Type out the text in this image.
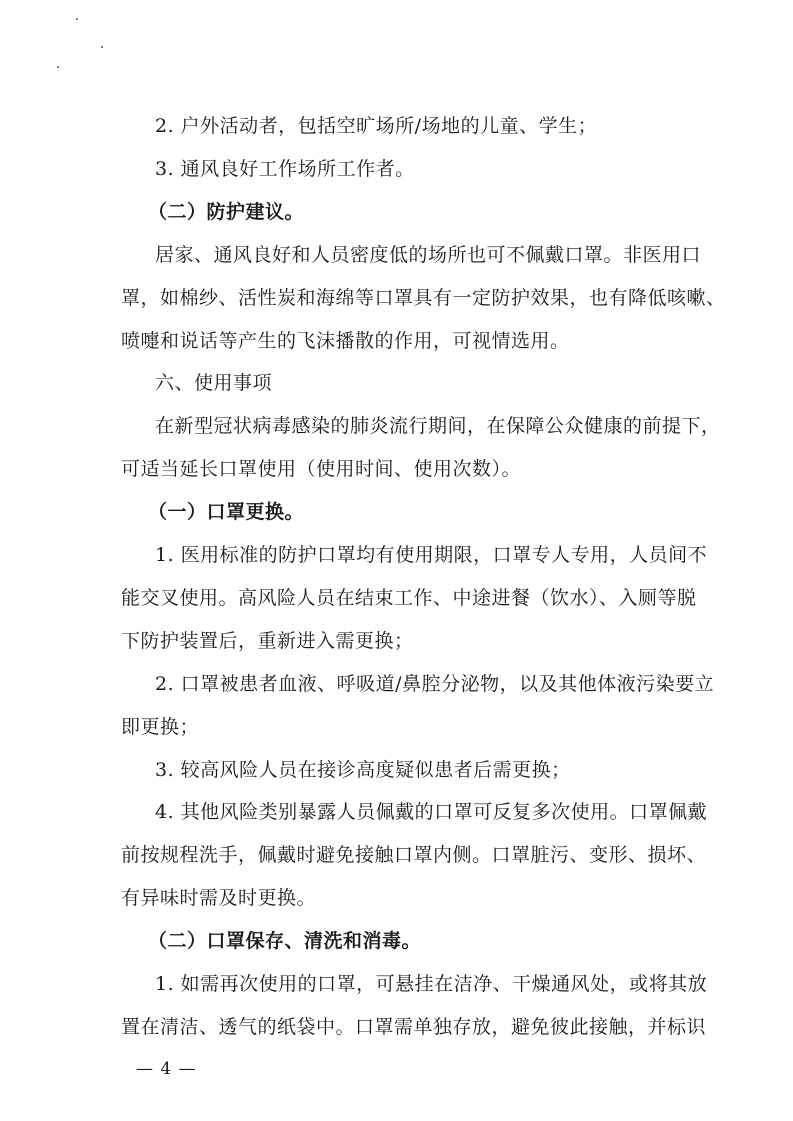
2. 户外活动者，包括空旷场所/场地的儿童、学生；
3. 通风良好工作场所工作者。
（二）防护建议。
居家、通风良好和人员密度低的场所也可不佩戴口罩。非医用口
罩，如棉纱、活性炭和海绵等口罩具有一定防护效果，也有降低咳嗽、
喷嚏和说话等产生的飞沫播散的作用，可视情选用。
六、使用事项
在新型冠状病毒感染的肺炎流行期间，在保障公众健康的前提下，
可适当延长口罩使用（使用时间、使用次数）。
（一）口罩更换。
1. 医用标准的防护口罩均有使用期限，口罩专人专用，人员间不
能交叉使用。高风险人员在结束工作、中途进餐（饮水）、入厕等脱
下防护装置后，重新进入需更换；
2. 口罩被患者血液、呼吸道/鼻腔分泌物，以及其他体液污染要立
即更换；
3. 较高风险人员在接诊高度疑似患者后需更换；
4. 其他风险类别暴露人员佩戴的口罩可反复多次使用。口罩佩戴
前按规程洗手，佩戴时避免接触口罩内侧。口罩脏污、变形、损坏、
有异味时需及时更换。
（二）口罩保存、清洗和消毒。
1. 如需再次使用的口罩，可悬挂在洁净、干燥通风处，或将其放
置在清洁、透气的纸袋中。口罩需单独存放，避免彼此接触，并标识
— 4 —
